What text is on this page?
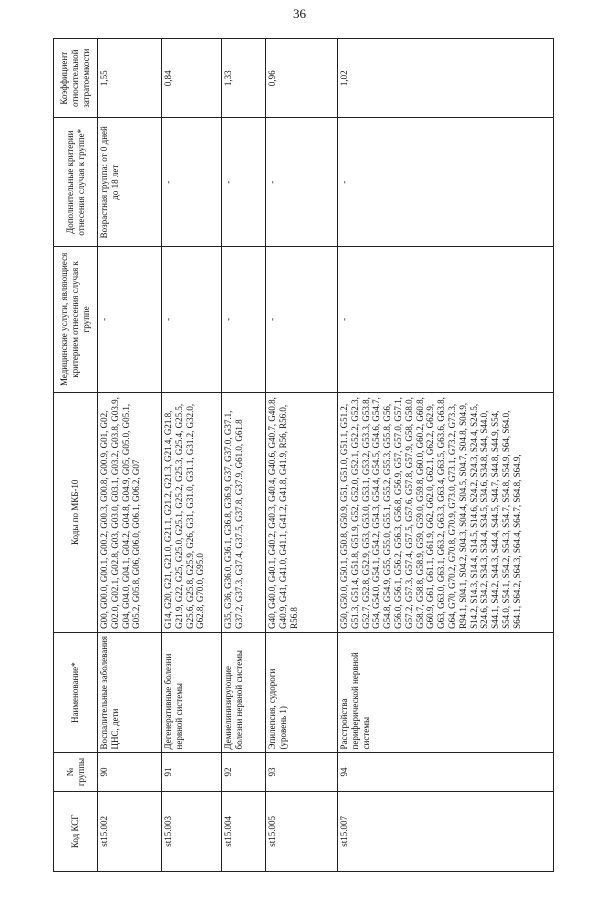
36
Код КСГ	№ группы	Наименование*	Коды по МКБ-10	Медицинские услуги, являющиеся критерием отнесения случая к группе	Дополнительные критерии отнесения случая к группе*	Коэффициент относительной затратоемкости
st15.002	90	Воспалительные заболевания ЦНС, дети	G00, G00.0, G00.1, G00.2, G00.3, G00.8, G00.9, G01, G02, G02.0, G02.1, G02.8, G03, G03.0, G03.1, G03.2, G03.8, G03.9, G04, G04.0, G04.1, G04.2, G04.8, G04.9, G05, G05.0, G05.1, G05.2, G05.8, G06, G06.0, G06.1, G06.2, G07	-	Возрастная группа: от 0 дней до 18 лет	1,55
st15.003	91	Дегенеративные болезни нервной системы	G14, G20, G21, G21.0, G21.1, G21.2, G21.3, G21.4, G21.8, G21.9, G22, G25, G25.0, G25.1, G25.2, G25.3, G25.4, G25.5, G25.6, G25.8, G25.9, G26, G31, G31.0, G31.1, G31.2, G32.0, G62.8, G70.0, G95.0	-	-	0,84
st15.004	92	Демиелинизирующие болезни нервной системы	G35, G36, G36.0, G36.1, G36.8, G36.9, G37, G37.0, G37.1, G37.2, G37.3, G37.4, G37.5, G37.8, G37.9, G61.0, G61.8	-	-	1,33
st15.005	93	Эпилепсия, судороги (уровень 1)	G40, G40.0, G40.1, G40.2, G40.3, G40.4, G40.6, G40.7, G40.8, G40.9, G41, G41.0, G41.1, G41.2, G41.8, G41.9, R56, R56.0, R56.8	-	-	0,96
st15.007	94	Расстройства периферической нервной системы	G50, G50.0, G50.1, G50.8, G50.9, G51, G51.0, G51.1, G51.2, G51.3, G51.4, G51.8, G51.9, G52, G52.0, G52.1, G52.2, G52.3, G52.7, G52.8, G52.9, G53, G53.0, G53.1, G53.2, G53.3, G53.8, G54, G54.0, G54.1, G54.2, G54.3, G54.4, G54.5, G54.6, G54.7, G54.8, G54.9, G55, G55.0, G55.1, G55.2, G55.3, G55.8, G56, G56.0, G56.1, G56.2, G56.3, G56.8, G56.9, G57, G57.0, G57.1, G57.2, G57.3, G57.4, G57.5, G57.6, G57.8, G57.9, G58, G58.0, G58.7, G58.8, G58.9, G59, G59.0, G59.8, G60.0, G60.2, G60.8, G60.9, G61, G61.1, G61.9, G62, G62.0, G62.1, G62.2, G62.9, G63, G63.0, G63.1, G63.2, G63.3, G63.4, G63.5, G63.6, G63.8, G64, G70, G70.2, G70.8, G70.9, G73.0, G73.1, G73.2, G73.3, R94.1, S04.1, S04.2, S04.3, S04.4, S04.5, S04.7, S04.8, S04.9, S14.2, S14.3, S14.4, S14.5, S14.6, S24.2, S24.3, S24.4, S24.5, S24.6, S34.2, S34.3, S34.4, S34.5, S34.6, S34.8, S44, S44.0, S44.1, S44.2, S44.3, S44.4, S44.5, S44.7, S44.8, S44.9, S54, S54.0, S54.1, S54.2, S54.3, S54.7, S54.8, S54.9, S64, S64.0, S64.1, S64.2, S64.3, S64.4, S64.7, S64.8, S64.9,	-	-	1,02
